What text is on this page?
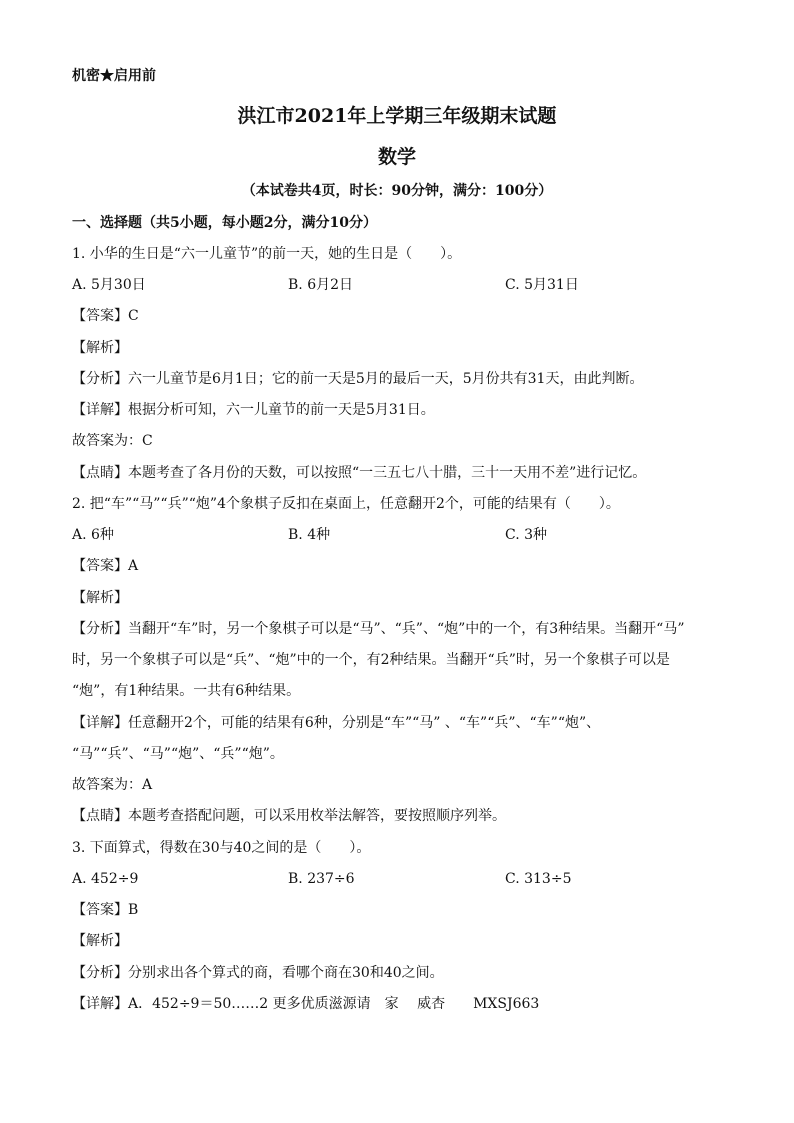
机密★启用前
洪江市2021年上学期三年级期末试题
数学
（本试卷共4页，时长：90分钟，满分：100分）
一、选择题（共5小题，每小题2分，满分10分）
1. 小华的生日是“六一儿童节”的前一天，她的生日是（　　）。
A. 5月30日	B. 6月2日	C. 5月31日
【答案】C
【解析】
【分析】六一儿童节是6月1日；它的前一天是5月的最后一天，5月份共有31天，由此判断。
【详解】根据分析可知，六一儿童节的前一天是5月31日。
故答案为：C
【点睛】本题考查了各月份的天数，可以按照“一三五七八十腊，三十一天用不差”进行记忆。
2. 把“车”“马”“兵”“炮”4个象棋子反扣在桌面上，任意翻开2个，可能的结果有（　　）。
A. 6种	B. 4种	C. 3种
【答案】A
【解析】
【分析】当翻开“车”时，另一个象棋子可以是“马”、“兵”、“炮”中的一个，有3种结果。当翻开“马”
时，另一个象棋子可以是“兵”、“炮”中的一个，有2种结果。当翻开“兵”时，另一个象棋子可以是
“炮”，有1种结果。一共有6种结果。
【详解】任意翻开2个，可能的结果有6种，分别是“车”“马” 、“车”“兵”、“车”“炮”、
“马”“兵”、“马”“炮”、“兵”“炮”。
故答案为：A
【点睛】本题考查搭配问题，可以采用枚举法解答，要按照顺序列举。
3. 下面算式，得数在30与40之间的是（　　）。
A. 452÷9	B. 237÷6	C. 313÷5
【答案】B
【解析】
【分析】分别求出各个算式的商，看哪个商在30和40之间。
【详解】A．452÷9＝50……2 更多优质滋源请　家　 威杏　　MXSJ663
